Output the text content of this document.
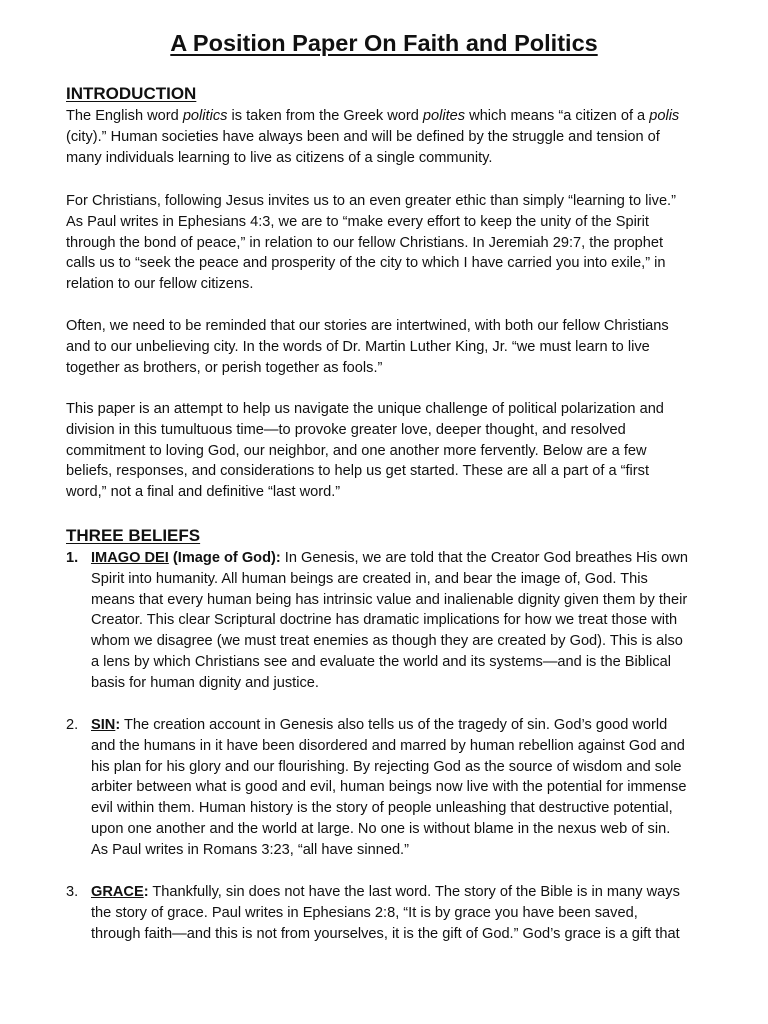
A Position Paper On Faith and Politics
INTRODUCTION
The English word politics is taken from the Greek word polites which means “a citizen of a polis
(city).” Human societies have always been and will be defined by the struggle and tension of
many individuals learning to live as citizens of a single community.
For Christians, following Jesus invites us to an even greater ethic than simply “learning to live.”
As Paul writes in Ephesians 4:3, we are to “make every effort to keep the unity of the Spirit
through the bond of peace,” in relation to our fellow Christians. In Jeremiah 29:7, the prophet
calls us to “seek the peace and prosperity of the city to which I have carried you into exile,” in
relation to our fellow citizens.
Often, we need to be reminded that our stories are intertwined, with both our fellow Christians
and to our unbelieving city. In the words of Dr. Martin Luther King, Jr. “we must learn to live
together as brothers, or perish together as fools.”
This paper is an attempt to help us navigate the unique challenge of political polarization and
division in this tumultuous time—to provoke greater love, deeper thought, and resolved
commitment to loving God, our neighbor, and one another more fervently. Below are a few
beliefs, responses, and considerations to help us get started. These are all a part of a “first
word,” not a final and definitive “last word.”
THREE BELIEFS
1. IMAGO DEI (Image of God): In Genesis, we are told that the Creator God breathes His own
Spirit into humanity. All human beings are created in, and bear the image of, God. This
means that every human being has intrinsic value and inalienable dignity given them by their
Creator. This clear Scriptural doctrine has dramatic implications for how we treat those with
whom we disagree (we must treat enemies as though they are created by God). This is also
a lens by which Christians see and evaluate the world and its systems—and is the Biblical
basis for human dignity and justice.
2. SIN: The creation account in Genesis also tells us of the tragedy of sin. God’s good world
and the humans in it have been disordered and marred by human rebellion against God and
his plan for his glory and our flourishing. By rejecting God as the source of wisdom and sole
arbiter between what is good and evil, human beings now live with the potential for immense
evil within them. Human history is the story of people unleashing that destructive potential,
upon one another and the world at large. No one is without blame in the nexus web of sin.
As Paul writes in Romans 3:23, “all have sinned.”
3. GRACE: Thankfully, sin does not have the last word. The story of the Bible is in many ways
the story of grace. Paul writes in Ephesians 2:8, “It is by grace you have been saved,
through faith—and this is not from yourselves, it is the gift of God.” God’s grace is a gift that
